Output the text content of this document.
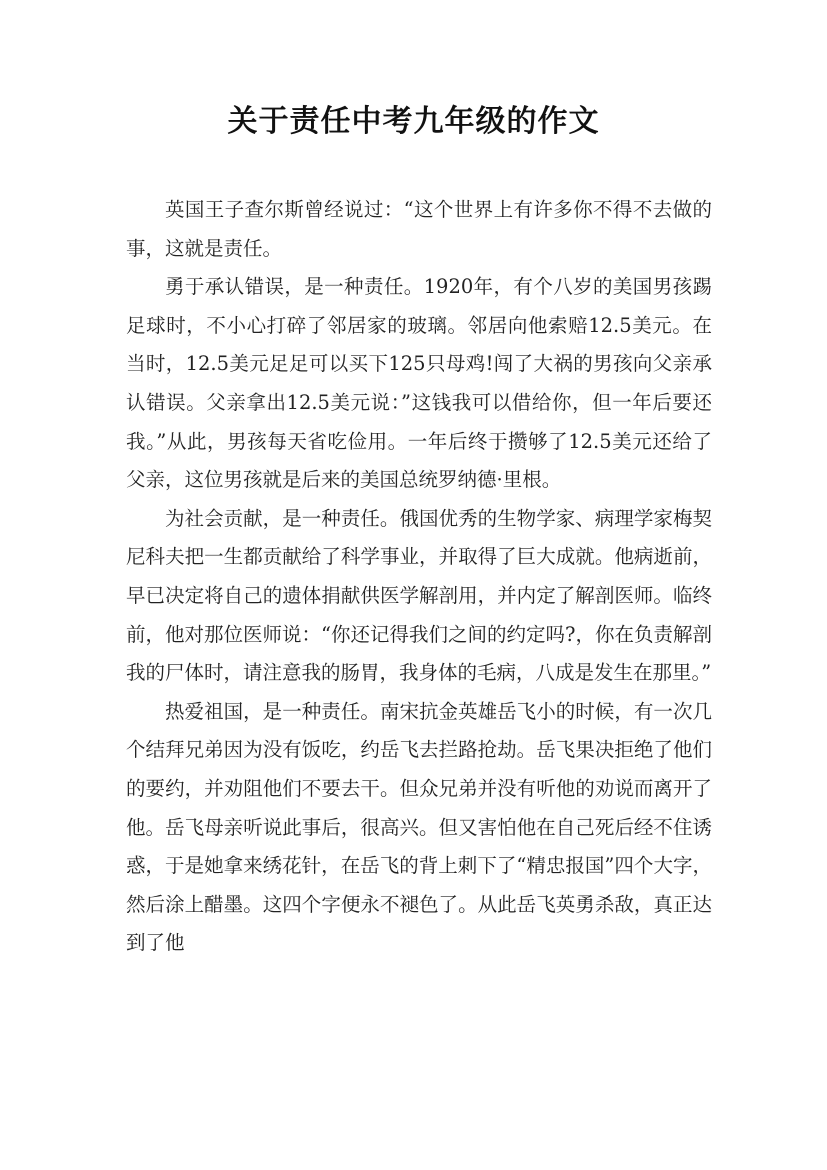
关于责任中考九年级的作文

英国王子查尔斯曾经说过：“这个世界上有许多你不得不去做的事，这就是责任。

勇于承认错误，是一种责任。1920年，有个八岁的美国男孩踢足球时，不小心打碎了邻居家的玻璃。邻居向他索赔12.5美元。在当时，12.5美元足足可以买下125只母鸡!闯了大祸的男孩向父亲承认错误。父亲拿出12.5美元说：”这钱我可以借给你，但一年后要还我。”从此，男孩每天省吃俭用。一年后终于攒够了12.5美元还给了父亲，这位男孩就是后来的美国总统罗纳德·里根。

为社会贡献，是一种责任。俄国优秀的生物学家、病理学家梅契尼科夫把一生都贡献给了科学事业，并取得了巨大成就。他病逝前，早已决定将自己的遗体捐献供医学解剖用，并内定了解剖医师。临终前，他对那位医师说：“你还记得我们之间的约定吗?，你在负责解剖我的尸体时，请注意我的肠胃，我身体的毛病，八成是发生在那里。”

热爱祖国，是一种责任。南宋抗金英雄岳飞小的时候，有一次几个结拜兄弟因为没有饭吃，约岳飞去拦路抢劫。岳飞果决拒绝了他们的要约，并劝阻他们不要去干。但众兄弟并没有听他的劝说而离开了他。岳飞母亲听说此事后，很高兴。但又害怕他在自己死后经不住诱惑，于是她拿来绣花针，在岳飞的背上刺下了“精忠报国”四个大字，然后涂上醋墨。这四个字便永不褪色了。从此岳飞英勇杀敌，真正达到了他
